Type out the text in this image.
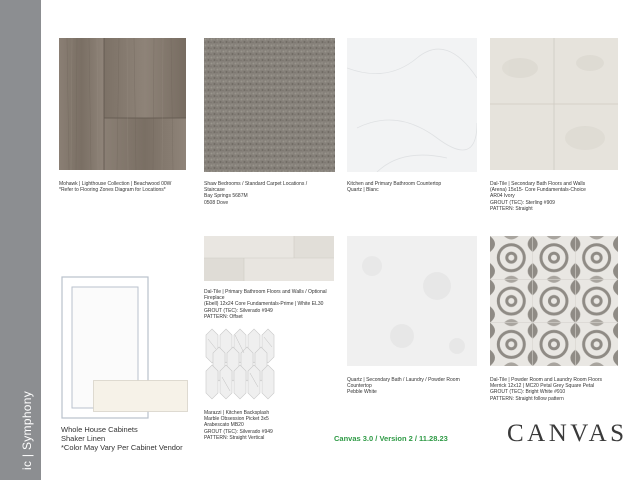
ic | Symphony
Mohawk | Lighthouse Collection | Beachwood 00W
*Refer to Flooring Zones Diagram for Locations*
Shaw Bedrooms / Standard Carpet Locations / Staircase
Bay Springs 5687M
0508 Dove
Kitchen and Primary Bathroom Countertop
Quartz | Blanc
Dal-Tile | Secondary Bath Floors and Walls (Arena) 15x15- Core Fundamentals-Choice
AR04 Ivory
GROUT (TEC): Sterling #909
PATTERN: Straight
Whole House Cabinets
Shaker Linen
*Color May Vary Per Cabinet Vendor
Dal-Tile | Primary Bathroom Floors and Walls / Optional Fireplace
(Ebell) 12x24 Core Fundamentals-Prime | White EL30
GROUT (TEC): Silverado #949
PATTERN: Offset
Marazzi | Kitchen Backsplash
Marble Obsession Picket 3x5
Arabescato MB20
GROUT (TEC): Silverado #949
PATTERN: Straight Vertical
Quartz | Secondary Bath / Laundry / Powder Room Countertop
Pebble White
Dal-Tile | Powder Room and Laundry Room Floors
Merrick 12x12 | MC20 Petal Grey Square Petal
GROUT (TEC): Bright White #910
PATTERN: Straight follow pattern
Canvas 3.0 / Version 2 / 11.28.23 CANVAS
